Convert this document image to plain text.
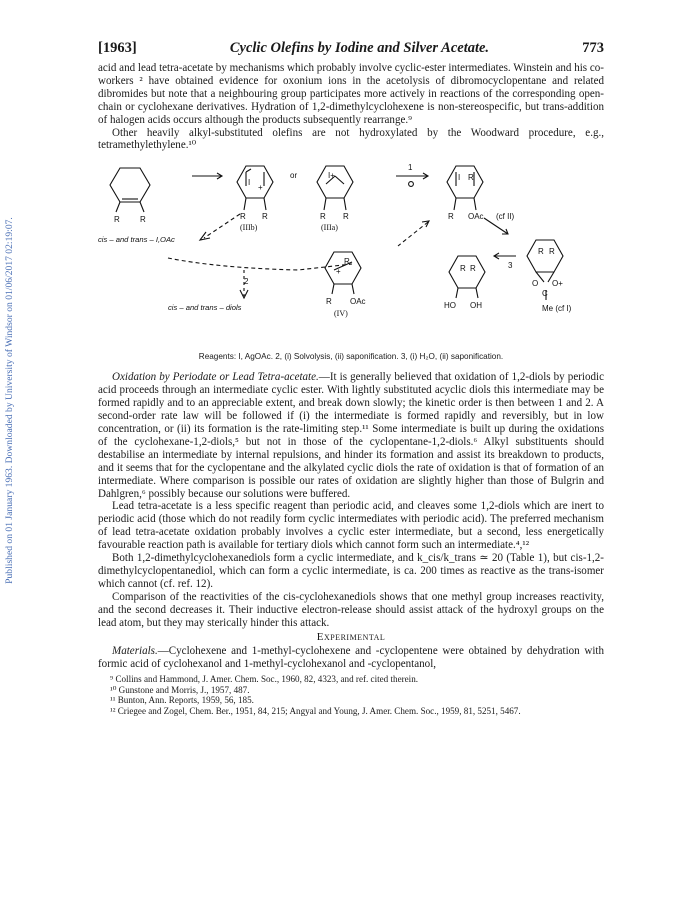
Published on 01 January 1963. Downloaded by University of Windsor on 01/06/2017 02:19:07.
[1963]	Cyclic Olefins by Iodine and Silver Acetate.	773

acid and lead tetra-acetate by mechanisms which probably involve cyclic-ester intermediates. Winstein and his co-workers ² have obtained evidence for oxonium ions in the acetolysis of dibromocyclopentane and related dibromides but note that a neighbouring group participates more actively in reactions of the corresponding open-chain or cyclohexane derivatives. Hydration of 1,2-dimethylcyclohexene is non-stereospecific, but trans-addition of halogen acids occurs although the products subsequently rearrange.⁹

Other heavily alkyl-substituted olefins are not hydroxylated by the Woodward procedure, e.g., tetramethylethylene.¹⁰

R	R
I
+
or
R R
(IIIb)
I+
R R
(IIIa)
1
I R
R OAc (cf II)
cis – and trans – I,OAc
2
cis – and trans – diols
R
+
R OAc
(IV)
R R
HO OH
3
R R
O O+
C
Me (cf I)
Reagents: I, AgOAc. 2, (i) Solvolysis, (ii) saponification. 3, (i) H₂O, (ii) saponification.

Oxidation by Periodate or Lead Tetra-acetate.—It is generally believed that oxidation of 1,2-diols by periodic acid proceeds through an intermediate cyclic ester. With lightly substituted acyclic diols this intermediate may be formed rapidly and to an appreciable extent, and break down slowly; the kinetic order is then between 1 and 2. A second-order rate law will be followed if (i) the intermediate is formed rapidly and reversibly, but in low concentration, or (ii) its formation is the rate-limiting step.¹¹ Some intermediate is built up during the oxidations of the cyclohexane-1,2-diols,⁵ but not in those of the cyclopentane-1,2-diols.⁶ Alkyl substituents should destabilise an intermediate by internal repulsions, and hinder its formation and assist its breakdown to products, and it seems that for the cyclopentane and the alkylated cyclic diols the rate of oxidation is that of formation of an intermediate. Where comparison is possible our rates of oxidation are slightly higher than those of Bulgrin and Dahlgren,⁶ possibly because our solutions were buffered.

Lead tetra-acetate is a less specific reagent than periodic acid, and cleaves some 1,2-diols which are inert to periodic acid (those which do not readily form cyclic intermediates with periodic acid). The preferred mechanism of lead tetra-acetate oxidation probably involves a cyclic ester intermediate, but a second, less energetically favourable reaction path is available for tertiary diols which cannot form such an intermediate.⁴,¹²

Both 1,2-dimethylcyclohexanediols form a cyclic intermediate, and k_cis/k_trans ≃ 20 (Table 1), but cis-1,2-dimethylcyclopentanediol, which can form a cyclic intermediate, is ca. 200 times as reactive as the trans-isomer which cannot (cf. ref. 12).

Comparison of the reactivities of the cis-cyclohexanediols shows that one methyl group increases reactivity, and the second decreases it. Their inductive electron-release should assist attack of the hydroxyl groups on the lead atom, but they may sterically hinder this attack.

Experimental

Materials.—Cyclohexene and 1-methyl-cyclohexene and -cyclopentene were obtained by dehydration with formic acid of cyclohexanol and 1-methyl-cyclohexanol and -cyclopentanol,

⁹ Collins and Hammond, J. Amer. Chem. Soc., 1960, 82, 4323, and ref. cited therein.

¹⁰ Gunstone and Morris, J., 1957, 487.

¹¹ Bunton, Ann. Reports, 1959, 56, 185.

¹² Criegee and Zogel, Chem. Ber., 1951, 84, 215; Angyal and Young, J. Amer. Chem. Soc., 1959, 81, 5251, 5467.
